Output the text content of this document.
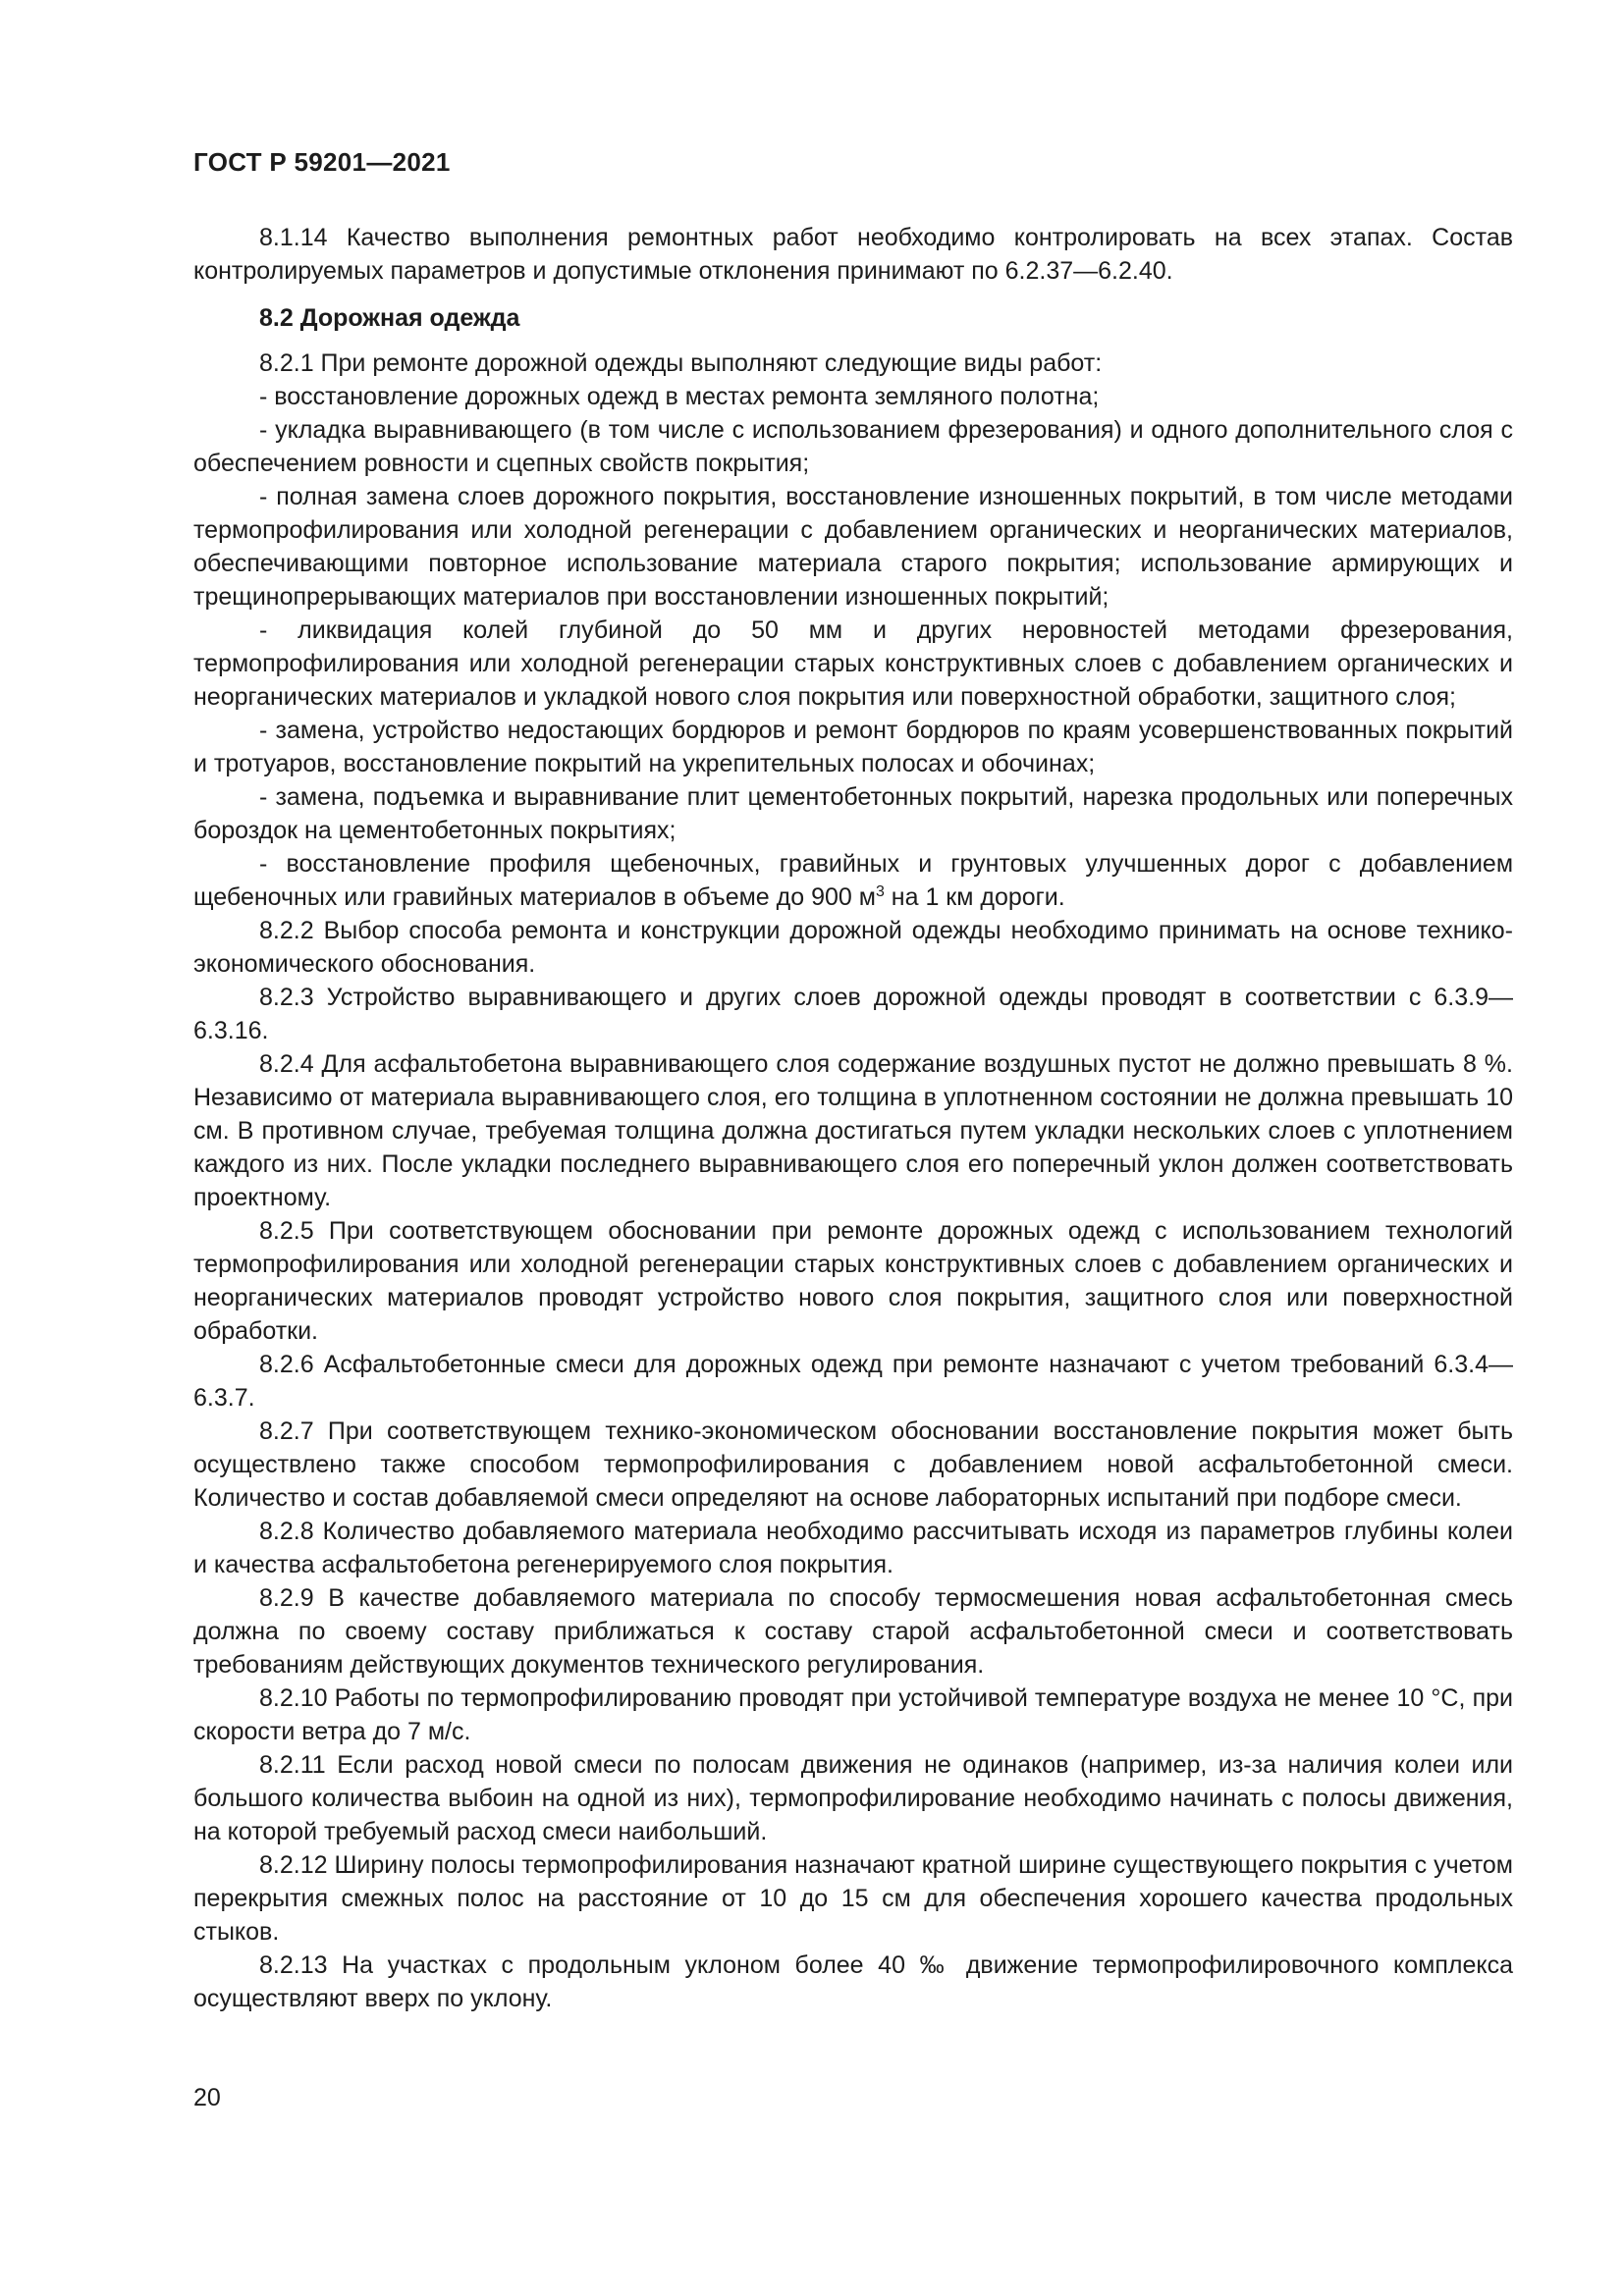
ГОСТ Р 59201—2021

8.1.14 Качество выполнения ремонтных работ необходимо контролировать на всех этапах. Состав контролируемых параметров и допустимые отклонения принимают по 6.2.37—6.2.40.

8.2 Дорожная одежда

8.2.1 При ремонте дорожной одежды выполняют следующие виды работ:

- восстановление дорожных одежд в местах ремонта земляного полотна;

- укладка выравнивающего (в том числе с использованием фрезерования) и одного дополнительного слоя с обеспечением ровности и сцепных свойств покрытия;

- полная замена слоев дорожного покрытия, восстановление изношенных покрытий, в том числе методами термопрофилирования или холодной регенерации с добавлением органических и неорганических материалов, обеспечивающими повторное использование материала старого покрытия; использование армирующих и трещинопрерывающих материалов при восстановлении изношенных покрытий;

- ликвидация колей глубиной до 50 мм и других неровностей методами фрезерования, термопрофилирования или холодной регенерации старых конструктивных слоев с добавлением органических и неорганических материалов и укладкой нового слоя покрытия или поверхностной обработки, защитного слоя;

- замена, устройство недостающих бордюров и ремонт бордюров по краям усовершенствованных покрытий и тротуаров, восстановление покрытий на укрепительных полосах и обочинах;

- замена, подъемка и выравнивание плит цементобетонных покрытий, нарезка продольных или поперечных бороздок на цементобетонных покрытиях;

- восстановление профиля щебеночных, гравийных и грунтовых улучшенных дорог с добавлением щебеночных или гравийных материалов в объеме до 900 $м^3$ на 1 км дороги.

8.2.2 Выбор способа ремонта и конструкции дорожной одежды необходимо принимать на основе технико-экономического обоснования.

8.2.3 Устройство выравнивающего и других слоев дорожной одежды проводят в соответствии с 6.3.9—6.3.16.

8.2.4 Для асфальтобетона выравнивающего слоя содержание воздушных пустот не должно превышать 8 %. Независимо от материала выравнивающего слоя, его толщина в уплотненном состоянии не должна превышать 10 см. В противном случае, требуемая толщина должна достигаться путем укладки нескольких слоев с уплотнением каждого из них. После укладки последнего выравнивающего слоя его поперечный уклон должен соответствовать проектному.

8.2.5 При соответствующем обосновании при ремонте дорожных одежд с использованием технологий термопрофилирования или холодной регенерации старых конструктивных слоев с добавлением органических и неорганических материалов проводят устройство нового слоя покрытия, защитного слоя или поверхностной обработки.

8.2.6 Асфальтобетонные смеси для дорожных одежд при ремонте назначают с учетом требований 6.3.4—6.3.7.

8.2.7 При соответствующем технико-экономическом обосновании восстановление покрытия может быть осуществлено также способом термопрофилирования с добавлением новой асфальтобетонной смеси. Количество и состав добавляемой смеси определяют на основе лабораторных испытаний при подборе смеси.

8.2.8 Количество добавляемого материала необходимо рассчитывать исходя из параметров глубины колеи и качества асфальтобетона регенерируемого слоя покрытия.

8.2.9 В качестве добавляемого материала по способу термосмешения новая асфальтобетонная смесь должна по своему составу приближаться к составу старой асфальтобетонной смеси и соответствовать требованиям действующих документов технического регулирования.

8.2.10 Работы по термопрофилированию проводят при устойчивой температуре воздуха не менее 10 °С, при скорости ветра до 7 м/с.

8.2.11 Если расход новой смеси по полосам движения не одинаков (например, из-за наличия колеи или большого количества выбоин на одной из них), термопрофилирование необходимо начинать с полосы движения, на которой требуемый расход смеси наибольший.

8.2.12 Ширину полосы термопрофилирования назначают кратной ширине существующего покрытия с учетом перекрытия смежных полос на расстояние от 10 до 15 см для обеспечения хорошего качества продольных стыков.

8.2.13 На участках с продольным уклоном более 40 ‰ движение термопрофилировочного комплекса осуществляют вверх по уклону.

20
